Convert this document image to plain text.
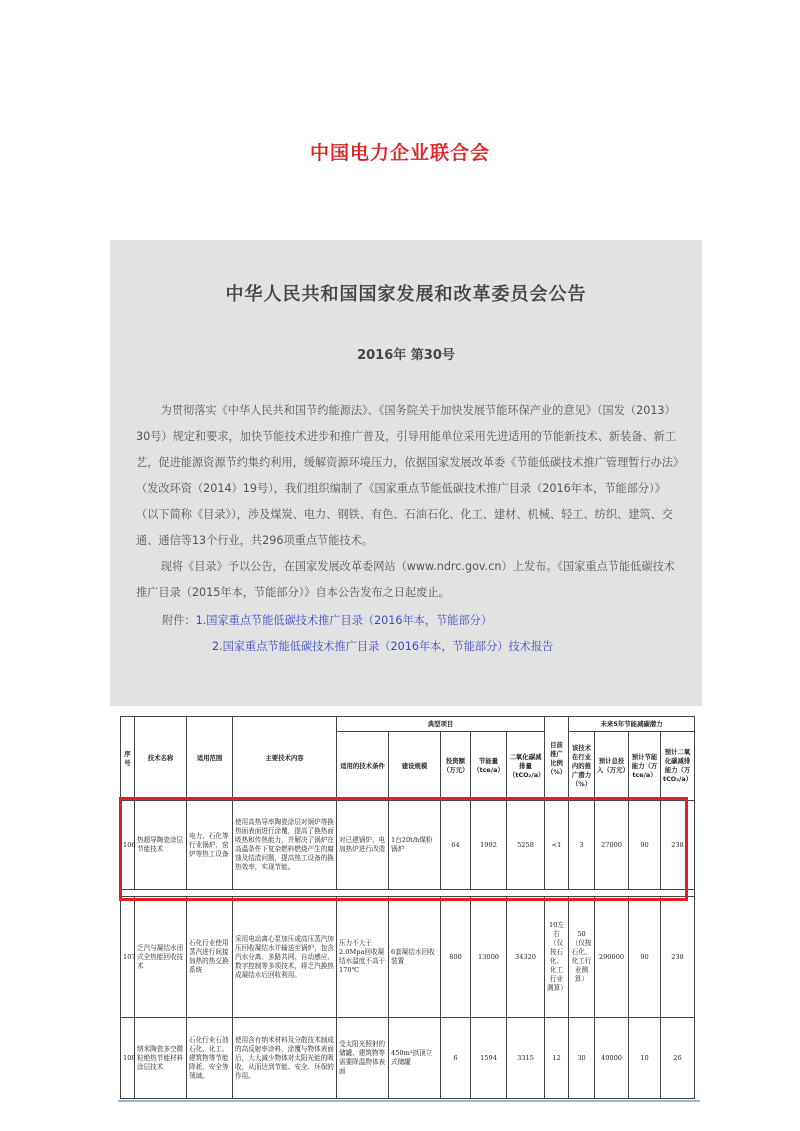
中国电力企业联合会
中华人民共和国国家发展和改革委员会公告
2016年 第30号

为贯彻落实《中华人民共和国节约能源法》、《国务院关于加快发展节能环保产业的意见》（国发（2013）30号）规定和要求，加快节能技术进步和推广普及，引导用能单位采用先进适用的节能新技术、新装备、新工艺，促进能源资源节约集约利用，缓解资源环境压力，依据国家发展改革委《节能低碳技术推广管理暂行办法》（发改环资（2014）19号），我们组织编制了《国家重点节能低碳技术推广目录（2016年本，节能部分）》（以下简称《目录》），涉及煤炭、电力、钢铁、有色、石油石化、化工、建材、机械、轻工、纺织、建筑、交通、通信等13个行业，共296项重点节能技术。

现将《目录》予以公告，在国家发展改革委网站（www.ndrc.gov.cn）上发布。《国家重点节能低碳技术推广目录（2015年本，节能部分）》自本公告发布之日起废止。

附件：1.国家重点节能低碳技术推广目录（2016年本，节能部分）
2.国家重点节能低碳技术推广目录（2016年本，节能部分）技术报告
序号	技术名称	适用范围	主要技术内容	典型项目					目前推广比例（%）	未来5年节能减碳潜力			
				适用的技术条件	建设规模	投资额（万元）	节能量（tce/a）	二氧化碳减排量（tCO₂/a）		该技术在行业内的推广潜力（%）	预计总投入（万元）	预计节能能力（万tce/a）	预计二氧化碳减排能力（万tCO₂/a）
106	热超导陶瓷涂层节能技术	电力、石化等行业锅炉、窑炉等热工设备	使用高热导率陶瓷涂层对锅炉等换热面表面进行涂覆，提高了换热面吸热和传热能力，并解决了锅炉在高温条件下复杂燃料燃烧产生的腐蚀及结渣问题，提高热工设备的换热效率，实现节能。	对已建锅炉、电加热炉进行改造	1台20t/h煤粉锅炉	64	1992	5258	<1	3	27000	90	238

107	乏汽与凝结水闭式全热能回收技术	石化行业使用蒸汽进行间接加热的热交换系统	采用电动离心泵加压或高压蒸汽加压回收凝结水并输送至锅炉，包含汽水分离、多路共网、自动感应、数字控制等多项技术，将乏汽换热成凝结水后回收利用。	压力不大于2.0Mpa回收凝结水温度不高于170℃	6套凝结水回收装置	800	13000	34320	10左右（仅按石化、化工行业测算）	50（仅按石化、化工行业测算）	290000	90	238
108	纳米陶瓷多空微粒绝热节能材料涂层技术	石化行业石油石化、化工、建筑物等节能降耗、安全等领域。	使用含有纳米材料及分散技术制成的高反射率涂料，涂覆与物体表面后，大大减少物体对太阳光能的吸收，从而达到节能、安全、环保的作用。	受太阳光照射的储罐、建筑物等需要降温物体表面	450m³拱顶立式储罐	6	1594	3315	12	30	40000	10	26
